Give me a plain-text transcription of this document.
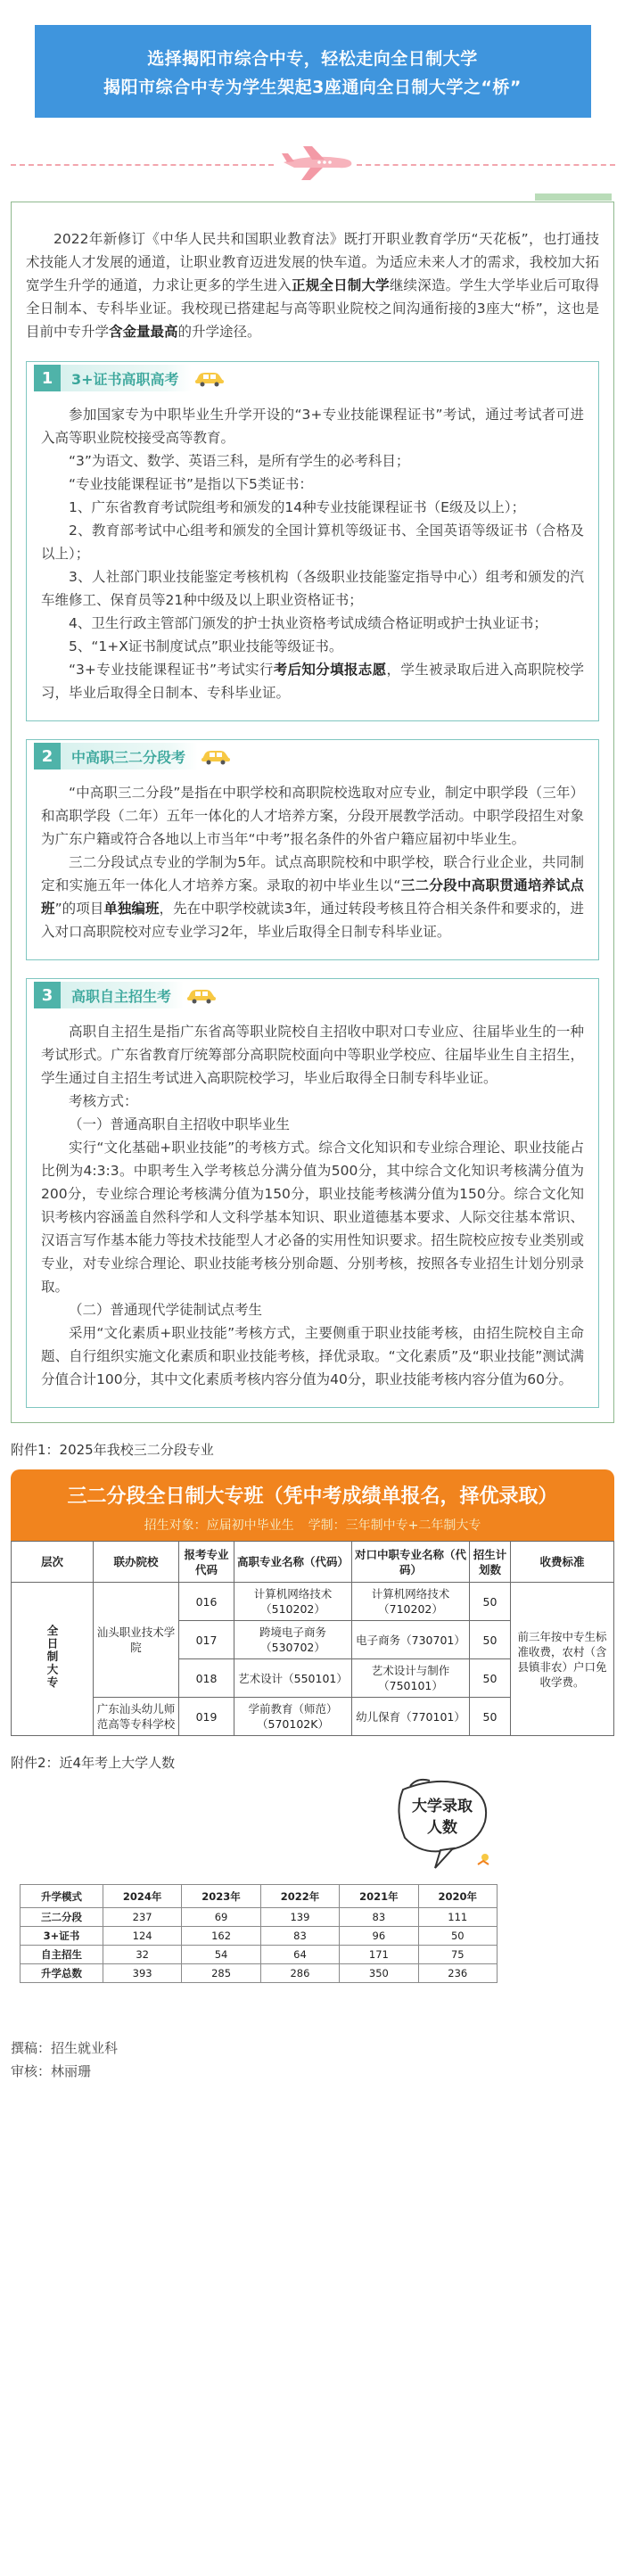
选择揭阳市综合中专，轻松走向全日制大学
揭阳市综合中专为学生架起3座通向全日制大学之“桥”

2022年新修订《中华人民共和国职业教育法》既打开职业教育学历“天花板”，也打通技术技能人才发展的通道，让职业教育迈进发展的快车道。为适应未来人才的需求，我校加大拓宽学生升学的通道，力求让更多的学生进入正规全日制大学继续深造。学生大学毕业后可取得全日制本、专科毕业证。我校现已搭建起与高等职业院校之间沟通衔接的3座大“桥”，这也是目前中专升学含金量最高的升学途径。

1	3+证书高职高考

参加国家专为中职毕业生升学开设的“3+专业技能课程证书”考试，通过考试者可进入高等职业院校接受高等教育。

“3”为语文、数学、英语三科，是所有学生的必考科目；

“专业技能课程证书”是指以下5类证书：

1、广东省教育考试院组考和颁发的14种专业技能课程证书（E级及以上）；

2、教育部考试中心组考和颁发的全国计算机等级证书、全国英语等级证书（合格及以上）；

3、人社部门职业技能鉴定考核机构（各级职业技能鉴定指导中心）组考和颁发的汽车维修工、保育员等21种中级及以上职业资格证书；

4、卫生行政主管部门颁发的护士执业资格考试成绩合格证明或护士执业证书；

5、“1+X证书制度试点”职业技能等级证书。

“3+专业技能课程证书”考试实行考后知分填报志愿，学生被录取后进入高职院校学习，毕业后取得全日制本、专科毕业证。

2	中高职三二分段考

“中高职三二分段”是指在中职学校和高职院校选取对应专业，制定中职学段（三年）和高职学段（二年）五年一体化的人才培养方案，分段开展教学活动。中职学段招生对象为广东户籍或符合各地以上市当年“中考”报名条件的外省户籍应届初中毕业生。

三二分段试点专业的学制为5年。试点高职院校和中职学校，联合行业企业，共同制定和实施五年一体化人才培养方案。录取的初中毕业生以“三二分段中高职贯通培养试点班”的项目单独编班，先在中职学校就读3年，通过转段考核且符合相关条件和要求的，进入对口高职院校对应专业学习2年，毕业后取得全日制专科毕业证。

3	高职自主招生考

高职自主招生是指广东省高等职业院校自主招收中职对口专业应、往届毕业生的一种考试形式。广东省教育厅统筹部分高职院校面向中等职业学校应、往届毕业生自主招生，学生通过自主招生考试进入高职院校学习，毕业后取得全日制专科毕业证。

考核方式：

（一）普通高职自主招收中职毕业生

实行“文化基础+职业技能”的考核方式。综合文化知识和专业综合理论、职业技能占比例为4:3:3。中职考生入学考核总分满分值为500分，其中综合文化知识考核满分值为200分，专业综合理论考核满分值为150分，职业技能考核满分值为150分。综合文化知识考核内容涵盖自然科学和人文科学基本知识、职业道德基本要求、人际交往基本常识、汉语言写作基本能力等技术技能型人才必备的实用性知识要求。招生院校应按专业类别或专业，对专业综合理论、职业技能考核分别命题、分别考核，按照各专业招生计划分别录取。

（二）普通现代学徒制试点考生

采用“文化素质+职业技能”考核方式，主要侧重于职业技能考核，由招生院校自主命题、自行组织实施文化素质和职业技能考核，择优录取。“文化素质”及“职业技能”测试满分值合计100分，其中文化素质考核内容分值为40分，职业技能考核内容分值为60分。

附件1：2025年我校三二分段专业
三二分段全日制大专班（凭中考成绩单报名，择优录取）
招生对象：应届初中毕业生 学制：三年制中专+二年制大专
层次	联办院校	报考专业代码	高职专业名称（代码）	对口中职专业名称（代码）	招生计划数	收费标准
全日制大专	汕头职业技术学院	016	计算机网络技术（510202）	计算机网络技术（710202）	50	前三年按中专生标准收费，农村（含县镇非农）户口免收学费。
		017	跨境电子商务（530702）	电子商务（730701）	50	
		018	艺术设计（550101）	艺术设计与制作（750101）	50	
	广东汕头幼儿师范高等专科学校	019	学前教育（师范）（570102K）	幼儿保育（770101）	50	
附件2：近4年考上大学人数
大学录取
人数
升学模式	2024年	2023年	2022年	2021年	2020年
三二分段	237	69	139	83	111
3+证书	124	162	83	96	50
自主招生	32	54	64	171	75
升学总数	393	285	286	350	236
撰稿：招生就业科
审核：林丽珊
